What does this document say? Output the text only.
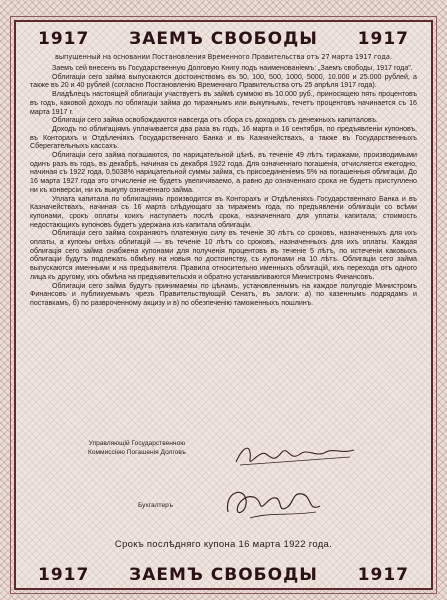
1917 ЗАЕМЪ СВОБОДЫ 1917
выпущенный на основании Постановления Временного Правительства отъ 27 марта 1917 года.

Заемъ сей внесенъ въ Государственную Долговую Книгу подъ наименованіемъ: „Заемъ свободы, 1917 года".

Облигаціи сего займа выпускаются достоинствомъ въ 50, 100, 500, 1000, 5000, 10.000 и 25.000 рублей, а также въ 20 и 40 рублей (согласно Постановленію Временнаго Правительства отъ 25 апрѣля 1917 года).

Владѣлецъ настоящей облигаціи участвуетъ въ займѣ суммою въ 10.000 руб., приносящею пять процентовъ въ годъ, каковой доходъ по облигаціи займа до тиражнымъ или выкупнымъ, течетъ процентовъ начинается съ 16 марта 1917 г.

Облигаціи сего займа освобождаются навсегда отъ сбора съ доходовъ съ денежныхъ капиталовъ.

Доходъ по облигаціямъ уплачивается два раза въ годъ, 16 марта и 16 сентября, по предъявленіи купоновъ, въ Конторахъ и Отдѣленіяхъ Государственнаго Банка и въ Казначействахъ, а также въ Государственныхъ Сберегательныхъ кассахъ.

Облигаціи сего займа погашаются, по нарицательной цѣнѣ, въ теченіе 49 лѣтъ тиражами, производимыми одинъ разъ въ годъ, въ декабрѣ, начиная съ декабря 1922 года. Для означеннаго погашенія, отчисляется ежегодно, начиная съ 1922 года, 0,5038% нарицательной суммы займа, съ присоединеніемъ 5% на погашенныя облигаціи. До 16 марта 1927 года это отчисленіе не будетъ увеличиваемо, а равно до означеннаго срока не будетъ приступлено ни къ конверсіи, ни къ выкупу означеннаго займа.

Уплата капитала по облигаціямъ производится въ Конторахъ и Отдѣленіяхъ Государственнаго Банка и въ Казначействахъ, начиная съ 16 марта слѣдующаго за тиражемъ года, по предъявленіи облигаціи со всѣми купонами, срокъ оплаты коихъ наступаетъ послѣ срока, назначеннаго для уплаты капитала; стоимость недостающихъ купоновъ будетъ удержана изъ капитала облигаціи.

Облигаціи сего займа сохраняютъ платежную силу въ теченіе 30 лѣтъ со сроковъ, назначенныхъ для ихъ оплаты, а купоны онѣхъ облигацій — въ теченіе 10 лѣтъ со сроковъ, назначенныхъ для ихъ оплаты. Каждая облигація сего займа снабжена купонами для полученія процентовъ въ теченіе 5 лѣтъ, по истеченіи каковыхъ облигаціи будутъ подлежать обмѣну на новыя по достоинству, съ купонами на 10 лѣтъ. Облигаціи сего займа выпускаются именными и на предъявителя. Правила относительно именныхъ облигацій, ихъ перехода отъ одного лица къ другому, ихъ обмѣна на предъявительскія и обратно устанавливаются Министромъ Финансовъ.

Облигаціи сего займа будутъ принимаемы по цѣнамъ, установленнымъ на каждое полугодіе Министромъ Финансовъ и публикуемымъ чрезъ Правительствующій Сенатъ, въ залоги: а) по казеннымъ подрядамъ и поставкамъ, б) по развроченному акцизу и в) по обезпеченію таможенныхъ пошлинъ.

Управляющій Государственною
Коммиссіею Погашенія Долговъ
Бухгалтеръ
Срокъ послѣдняго купона 16 марта 1922 года.
1917 ЗАЕМЪ СВОБОДЫ 1917
